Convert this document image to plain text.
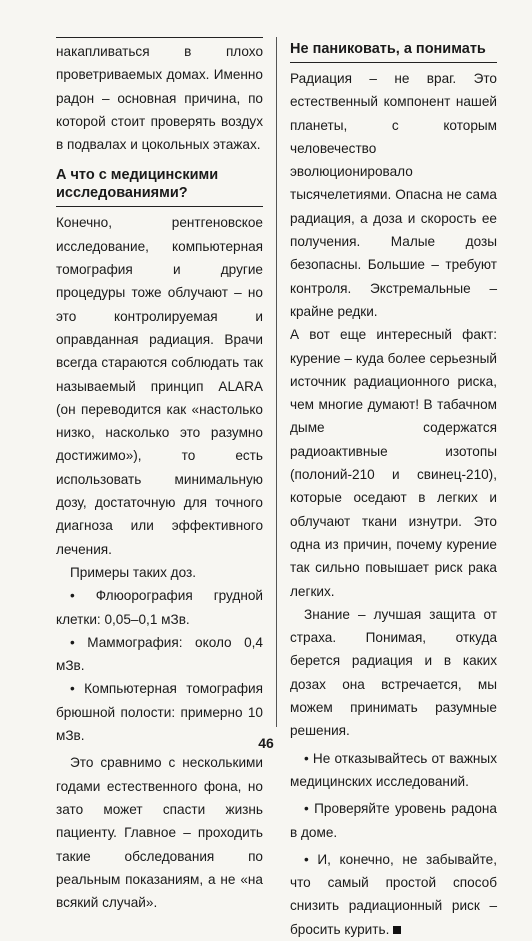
накапливаться в плохо проветриваемых домах. Именно радон – основная причина, по которой стоит проверять воздух в подвалах и цокольных этажах.

А что с медицинскими исследованиями?

Конечно, рентгеновское исследование, компьютерная томография и другие процедуры тоже облучают – но это контролируемая и оправданная радиация. Врачи всегда стараются соблюдать так называемый принцип ALARA (он переводится как «настолько низко, насколько это разумно достижимо»), то есть использовать минимальную дозу, достаточную для точного диагноза или эффективного лечения.

Примеры таких доз.

• Флюорография грудной клетки: 0,05–0,1 мЗв.

• Маммография: около 0,4 мЗв.

• Компьютерная томография брюшной полости: примерно 10 мЗв.

Это сравнимо с несколькими годами естественного фона, но зато может спасти жизнь пациенту. Главное – проходить такие обследования по реальным показаниям, а не «на всякий случай».

Не паниковать, а понимать

Радиация – не враг. Это естественный компонент нашей планеты, с которым человечество эволюционировало тысячелетиями. Опасна не сама радиация, а доза и скорость ее получения. Малые дозы безопасны. Большие – требуют контроля. Экстремальные – крайне редки.

А вот еще интересный факт: курение – куда более серьезный источник радиационного риска, чем многие думают! В табачном дыме содержатся радиоактивные изотопы (полоний-210 и свинец-210), которые оседают в легких и облучают ткани изнутри. Это одна из причин, почему курение так сильно повышает риск рака легких.

Знание – лучшая защита от страха. Понимая, откуда берется радиация и в каких дозах она встречается, мы можем принимать разумные решения.

• Не отказывайтесь от важных медицинских исследований.

• Проверяйте уровень радона в доме.

• И, конечно, не забывайте, что самый простой способ снизить радиационный риск – бросить курить.

46
